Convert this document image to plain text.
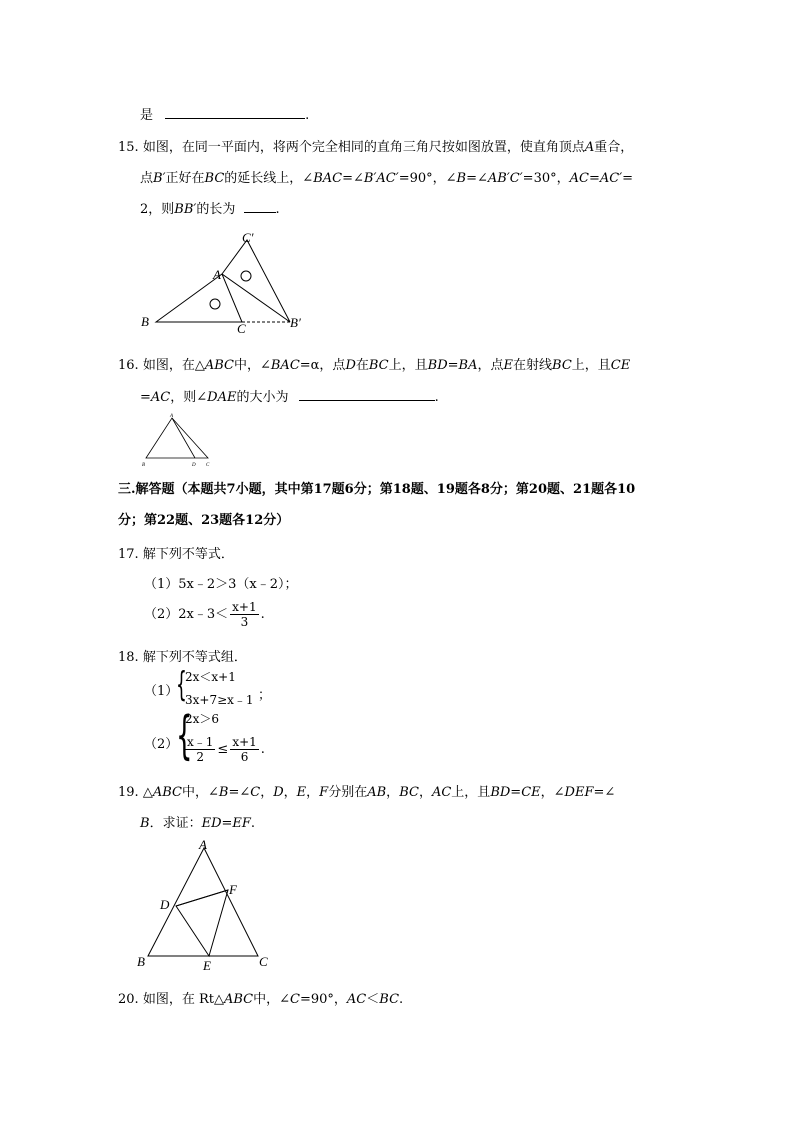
是	.
15. 如图，在同一平面内，将两个完全相同的直角三角尺按如图放置，使直角顶点A重合，
点B′正好在BC的延长线上，∠BAC=∠B′AC′=90°，∠B=∠AB′C′=30°，AC=AC′=
2，则BB′的长为	.
C′
A
B	C	B′
16. 如图，在△ABC中，∠BAC=α，点D在BC上，且BD=BA，点E在射线BC上，且CE
=AC，则∠DAE的大小为	.
A
B	D C
三.解答题（本题共7小题，其中第17题6分；第18题、19题各8分；第20题、21题各10
分；第22题、23题各12分）
17. 解下列不等式．
（1）5x﹣2＞3（x﹣2）；
（2）2x﹣3＜ $\frac{x+1}{3}$ .
18. 解下列不等式组．
（1）
{
2x＜x+1
3x+7≥x﹣1 ；
（2）
{
2x＞6
$\frac{x﹣1}{2} \le \frac{x+1}{6}$ .
19. △ABC中，∠B=∠C，D，E，F分别在AB，BC，AC上，且BD=CE，∠DEF=∠
B．求证：ED=EF.
A
D
F
B	E	C
20. 如图，在 Rt△ABC中，∠C=90°，AC＜BC.
